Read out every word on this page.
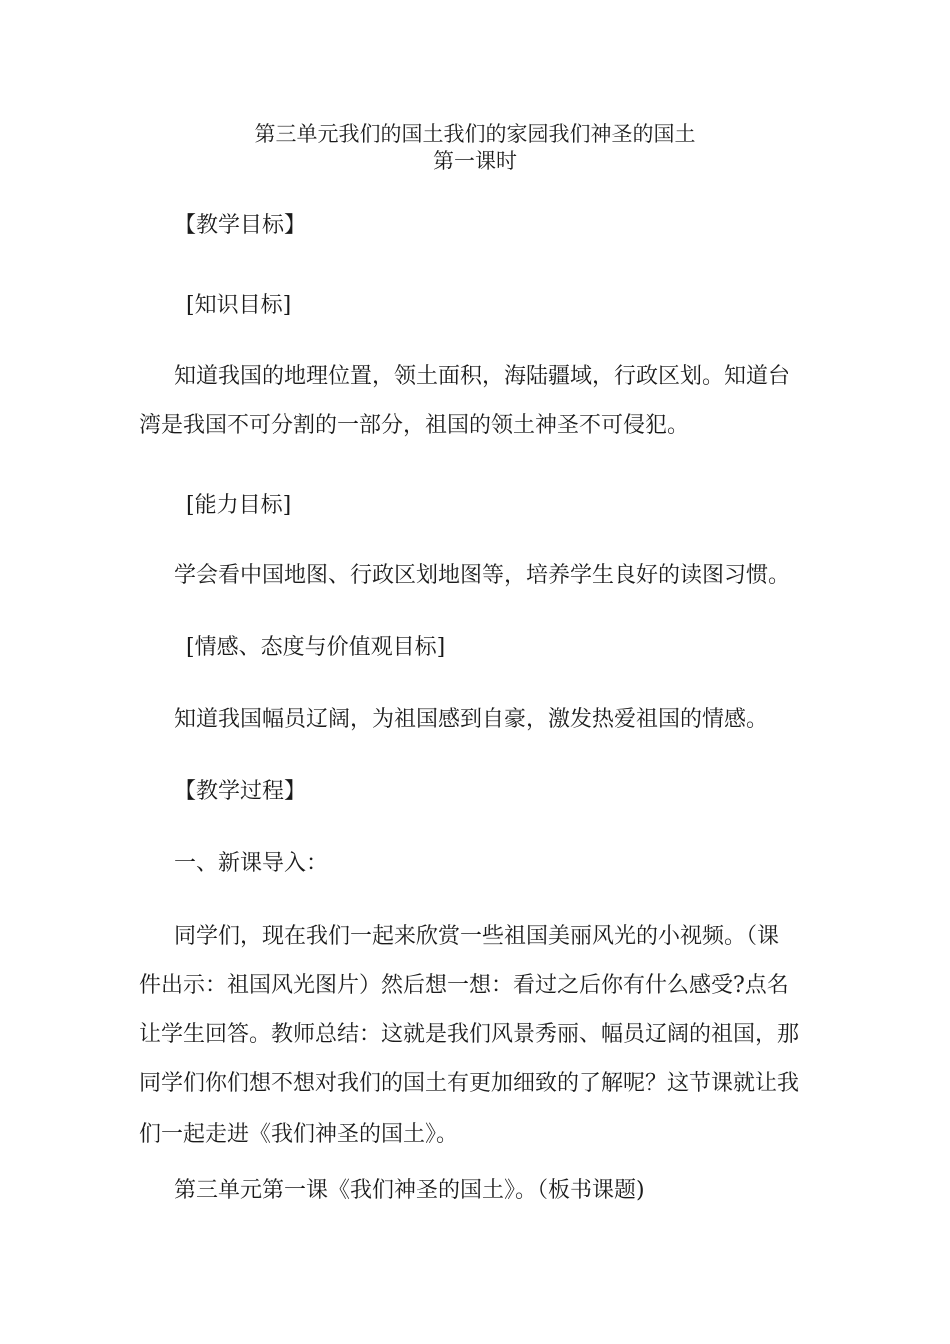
第三单元我们的国土我们的家园我们神圣的国土
第一课时
【教学目标】
[知识目标]
知道我国的地理位置，领土面积，海陆疆域，行政区划。知道台
湾是我国不可分割的一部分，祖国的领土神圣不可侵犯。
[能力目标]
学会看中国地图、行政区划地图等，培养学生良好的读图习惯。
[情感、态度与价值观目标]
知道我国幅员辽阔，为祖国感到自豪，激发热爱祖国的情感。
【教学过程】
一、新课导入：
同学们，现在我们一起来欣赏一些祖国美丽风光的小视频。（课
件出示：祖国风光图片）然后想一想：看过之后你有什么感受?点名
让学生回答。教师总结：这就是我们风景秀丽、幅员辽阔的祖国，那
同学们你们想不想对我们的国土有更加细致的了解呢？这节课就让我
们一起走进《我们神圣的国土》。
第三单元第一课《我们神圣的国土》。（板书课题)
